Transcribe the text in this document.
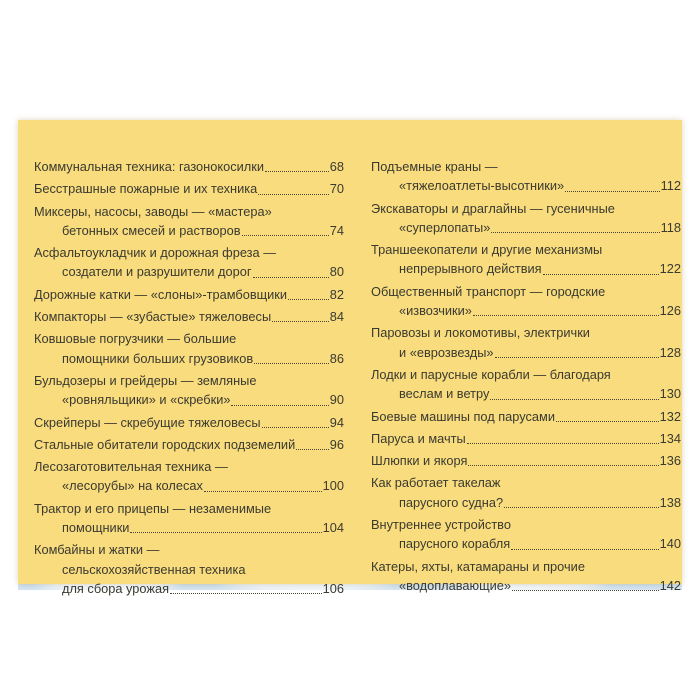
Коммунальная техника: газонокосилки	68
Бесстрашные пожарные и их техника	70
Миксеры, насосы, заводы — «мастера»
бетонных смесей и растворов	74
Асфальтоукладчик и дорожная фреза —
создатели и разрушители дорог	80
Дорожные катки — «слоны»-трамбовщики	82
Компакторы — «зубастые» тяжеловесы	84
Ковшовые погрузчики — большие
помощники больших грузовиков	86
Бульдозеры и грейдеры — земляные
«ровняльщики» и «скребки»	90
Скрейперы — скребущие тяжеловесы	94
Стальные обитатели городских подземелий	96
Лесозаготовительная техника —
«лесорубы» на колесах	100
Трактор и его прицепы — незаменимые
помощники	104
Комбайны и жатки —
сельскохозяйственная техника
для сбора урожая	106
Подъемные краны —
«тяжелоатлеты-высотники»	112
Экскаваторы и драглайны — гусеничные
«суперлопаты»	118
Траншеекопатели и другие механизмы
непрерывного действия	122
Общественный транспорт — городские
«извозчики»	126
Паровозы и локомотивы, электрички
и «еврозвезды»	128
Лодки и парусные корабли — благодаря
веслам и ветру	130
Боевые машины под парусами	132
Паруса и мачты	134
Шлюпки и якоря	136
Как работает такелаж
парусного судна?	138
Внутреннее устройство
парусного корабля	140
Катеры, яхты, катамараны и прочие
«водоплавающие»	142
